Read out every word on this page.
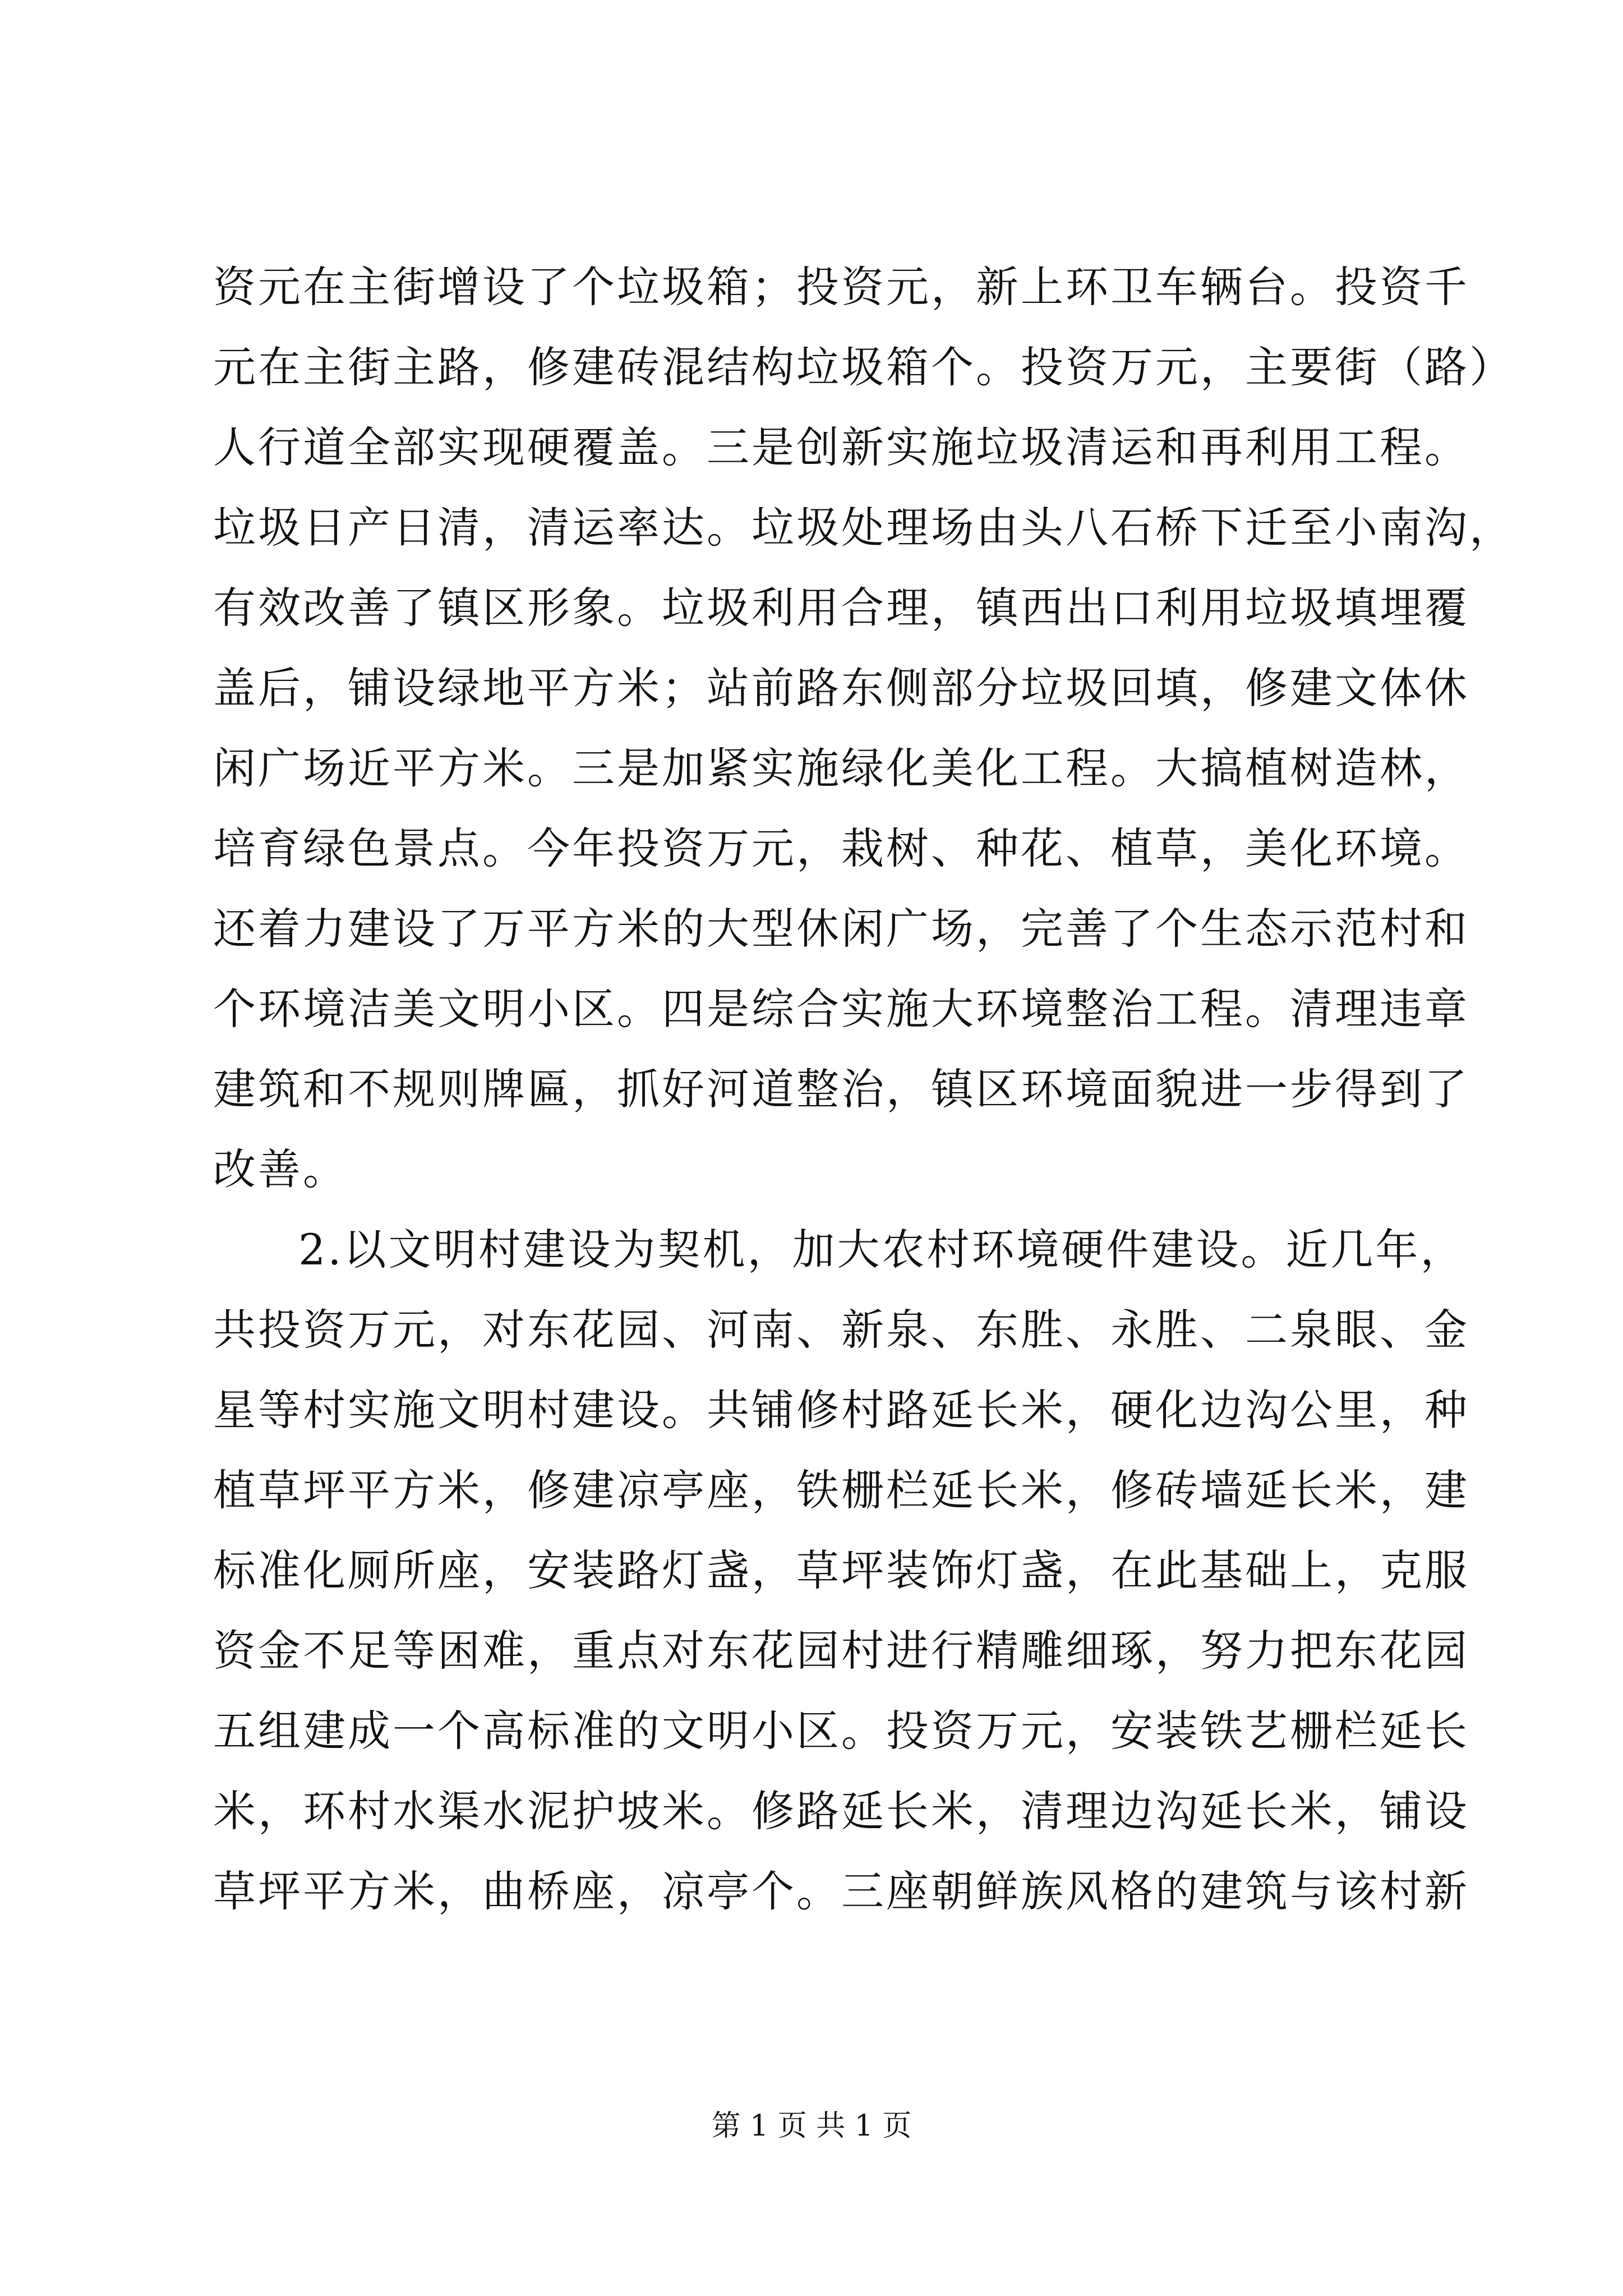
资元在主街增设了个垃圾箱；投资元，新上环卫车辆台。投资千
元在主街主路，修建砖混结构垃圾箱个。投资万元，主要街（路）
人行道全部实现硬覆盖。三是创新实施垃圾清运和再利用工程。
垃圾日产日清，清运率达。垃圾处理场由头八石桥下迁至小南沟，
有效改善了镇区形象。垃圾利用合理，镇西出口利用垃圾填埋覆
盖后，铺设绿地平方米；站前路东侧部分垃圾回填，修建文体休
闲广场近平方米。三是加紧实施绿化美化工程。大搞植树造林，
培育绿色景点。今年投资万元，栽树、种花、植草，美化环境。
还着力建设了万平方米的大型休闲广场，完善了个生态示范村和
个环境洁美文明小区。四是综合实施大环境整治工程。清理违章
建筑和不规则牌匾，抓好河道整治，镇区环境面貌进一步得到了
改善。
2.以文明村建设为契机，加大农村环境硬件建设。近几年，
共投资万元，对东花园、河南、新泉、东胜、永胜、二泉眼、金
星等村实施文明村建设。共铺修村路延长米，硬化边沟公里，种
植草坪平方米，修建凉亭座，铁栅栏延长米，修砖墙延长米，建
标准化厕所座，安装路灯盏，草坪装饰灯盏，在此基础上，克服
资金不足等困难，重点对东花园村进行精雕细琢，努力把东花园
五组建成一个高标准的文明小区。投资万元，安装铁艺栅栏延长
米，环村水渠水泥护坡米。修路延长米，清理边沟延长米，铺设
草坪平方米，曲桥座，凉亭个。三座朝鲜族风格的建筑与该村新
第 1 页 共 1 页
